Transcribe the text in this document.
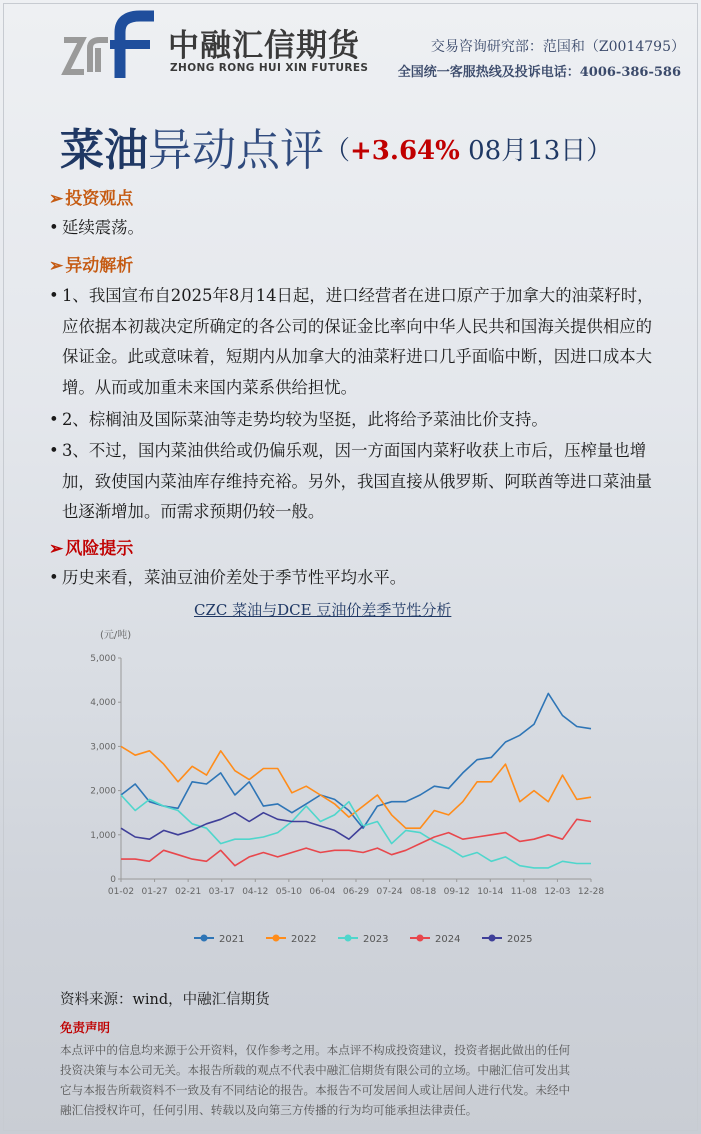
中融汇信期货
ZHONG RONG HUI XIN FUTURES
交易咨询研究部：范国和（Z0014795）
全国统一客服热线及投诉电话：4006-386-586
菜油异动点评（+3.64% 08月13日）
➢ 投资观点
• 延续震荡。
➢ 异动解析
• 1、我国宣布自2025年8月14日起，进口经营者在进口原产于加拿大的油菜籽时，应依据本初裁决定所确定的各公司的保证金比率向中华人民共和国海关提供相应的保证金。此或意味着，短期内从加拿大的油菜籽进口几乎面临中断，因进口成本大增。从而或加重未来国内菜系供给担忧。
• 2、棕榈油及国际菜油等走势均较为坚挺，此将给予菜油比价支持。
• 3、不过，国内菜油供给或仍偏乐观，因一方面国内菜籽收获上市后，压榨量也增加，致使国内菜油库存维持充裕。另外，我国直接从俄罗斯、阿联酋等进口菜油量也逐渐增加。而需求预期仍较一般。
➢ 风险提示
• 历史来看，菜油豆油价差处于季节性平均水平。
CZC 菜油与DCE 豆油价差季节性分析
(元/吨)
0
1,000
2,000
3,000
4,000
5,000
01-02 01-27 02-21 03-17 04-12 05-10 06-04 06-29 07-24 08-18 09-12 10-14 11-08 12-03 12-28
2021	2022	2023	2024	2025
资料来源：wind，中融汇信期货
免责声明
本点评中的信息均来源于公开资料，仅作参考之用。本点评不构成投资建议，投资者据此做出的任何
投资决策与本公司无关。本报告所载的观点不代表中融汇信期货有限公司的立场。中融汇信可发出其
它与本报告所载资料不一致及有不同结论的报告。本报告不可发居间人或让居间人进行代发。未经中
融汇信授权许可，任何引用、转载以及向第三方传播的行为均可能承担法律责任。
